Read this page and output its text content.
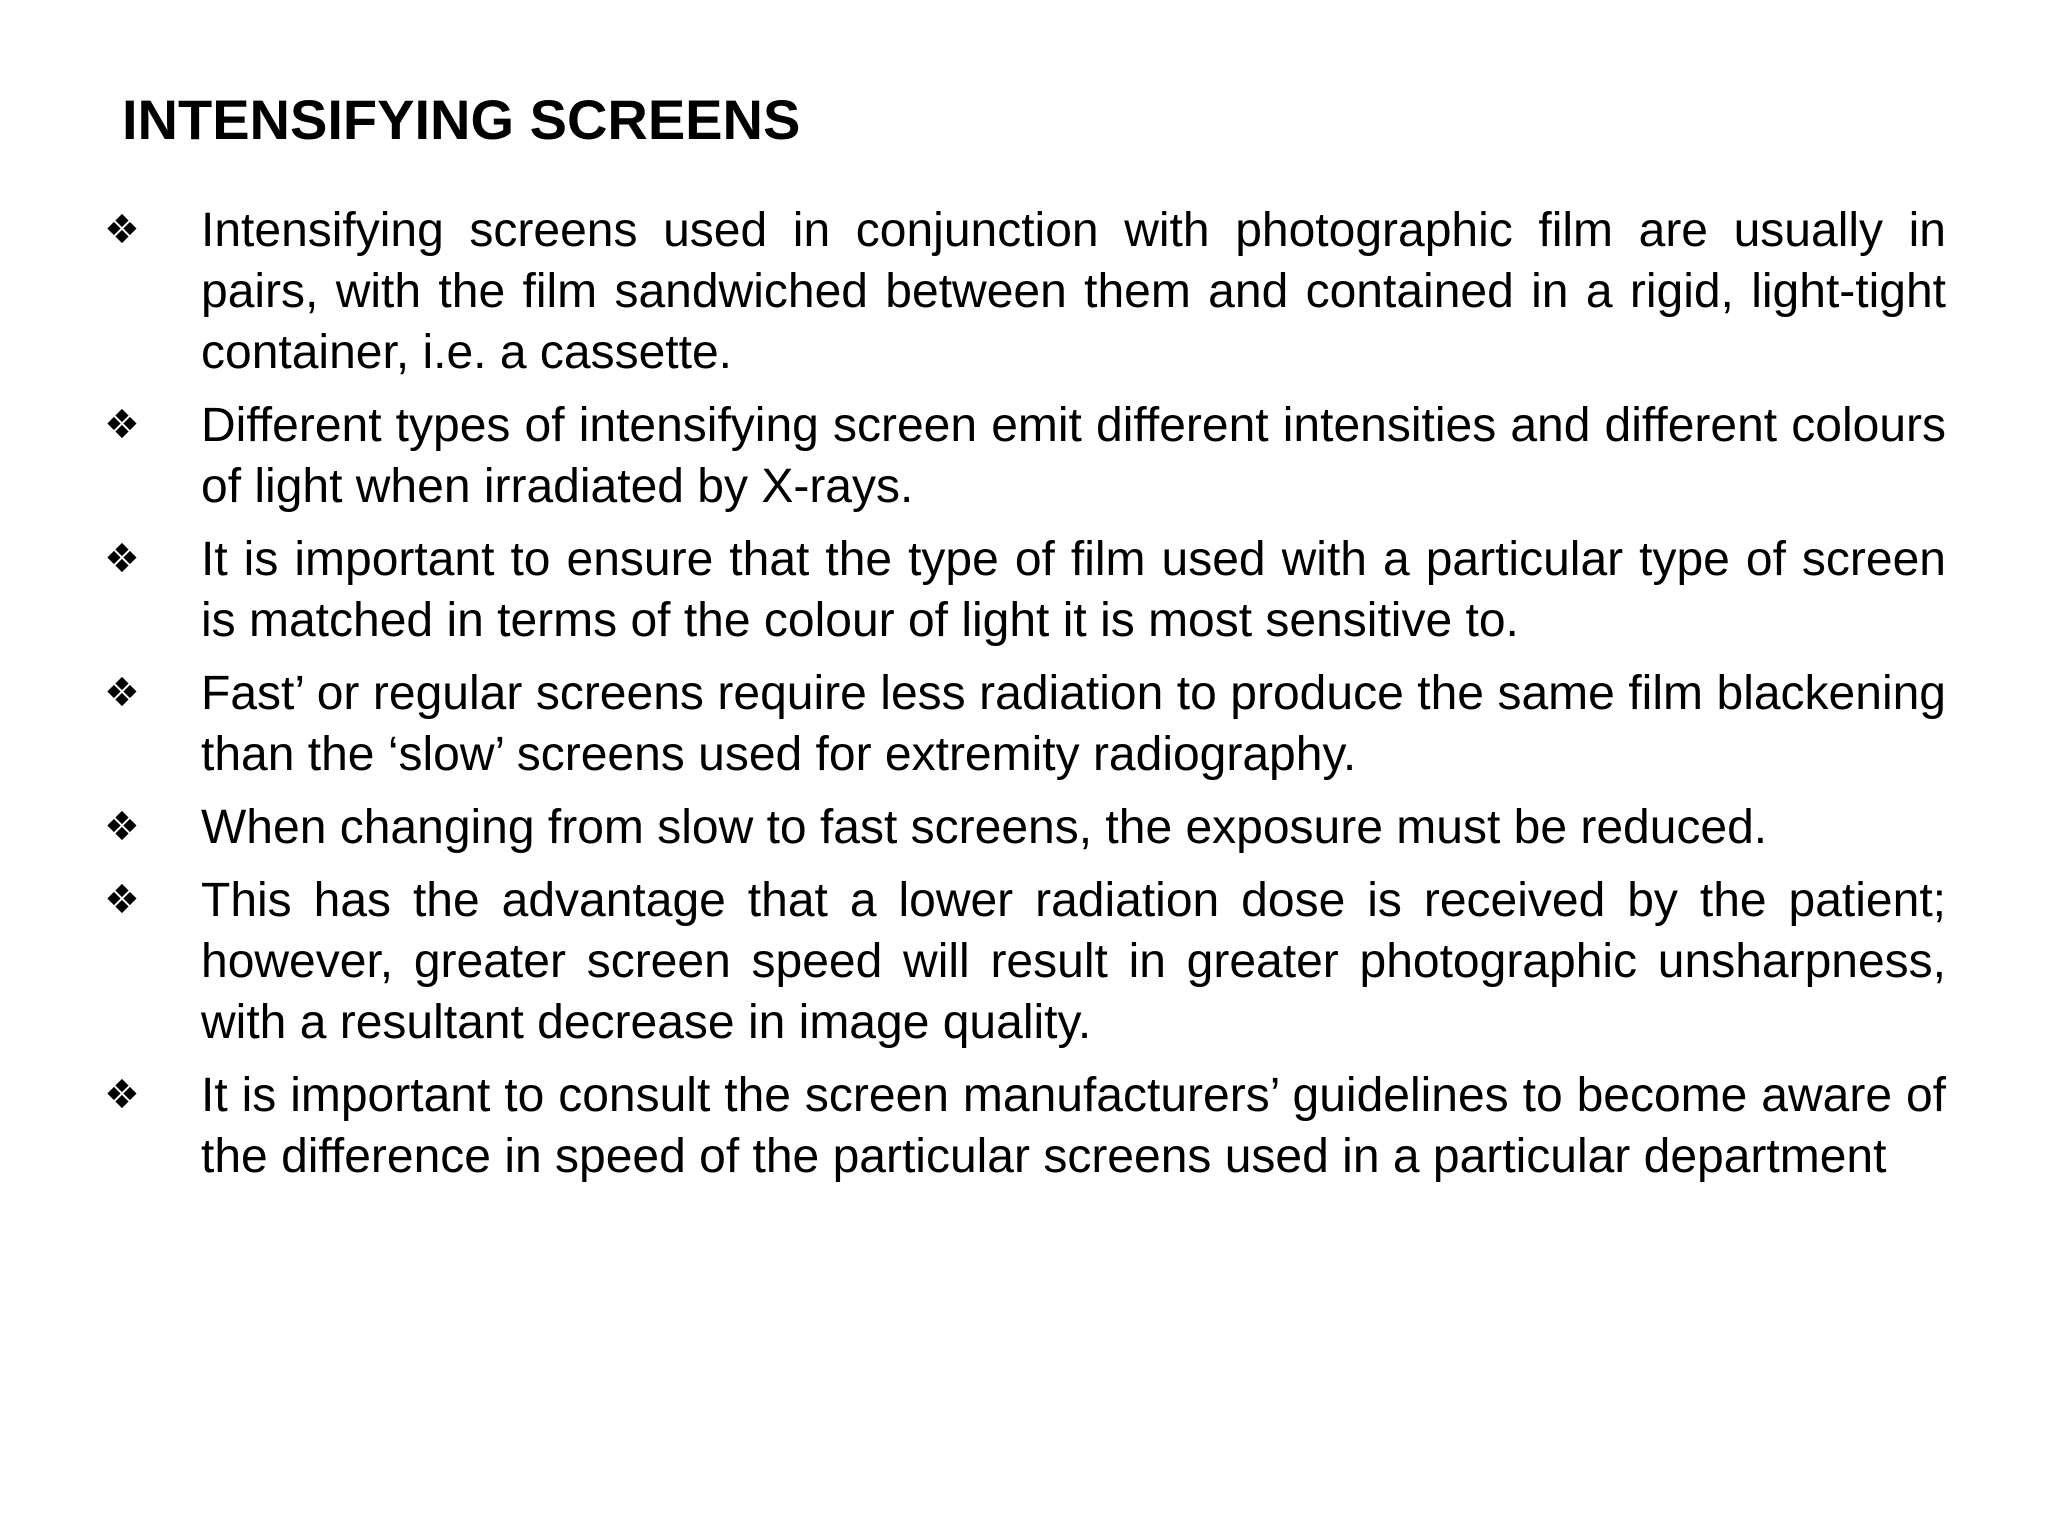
INTENSIFYING SCREENS
❖ Intensifying screens used in conjunction with photographic film are usually in pairs, with the film sandwiched between them and contained in a rigid, light-tight container, i.e. a cassette.
❖ Different types of intensifying screen emit different intensities and different colours of light when irradiated by X-rays.
❖ It is important to ensure that the type of film used with a particular type of screen is matched in terms of the colour of light it is most sensitive to.
❖ Fast’ or regular screens require less radiation to produce the same film blackening than the ‘slow’ screens used for extremity radiography.
❖ When changing from slow to fast screens, the exposure must be reduced.
❖ This has the advantage that a lower radiation dose is received by the patient; however, greater screen speed will result in greater photographic unsharpness, with a resultant decrease in image quality.
❖ It is important to consult the screen manufacturers’ guidelines to become aware of the difference in speed of the particular screens used in a particular department
